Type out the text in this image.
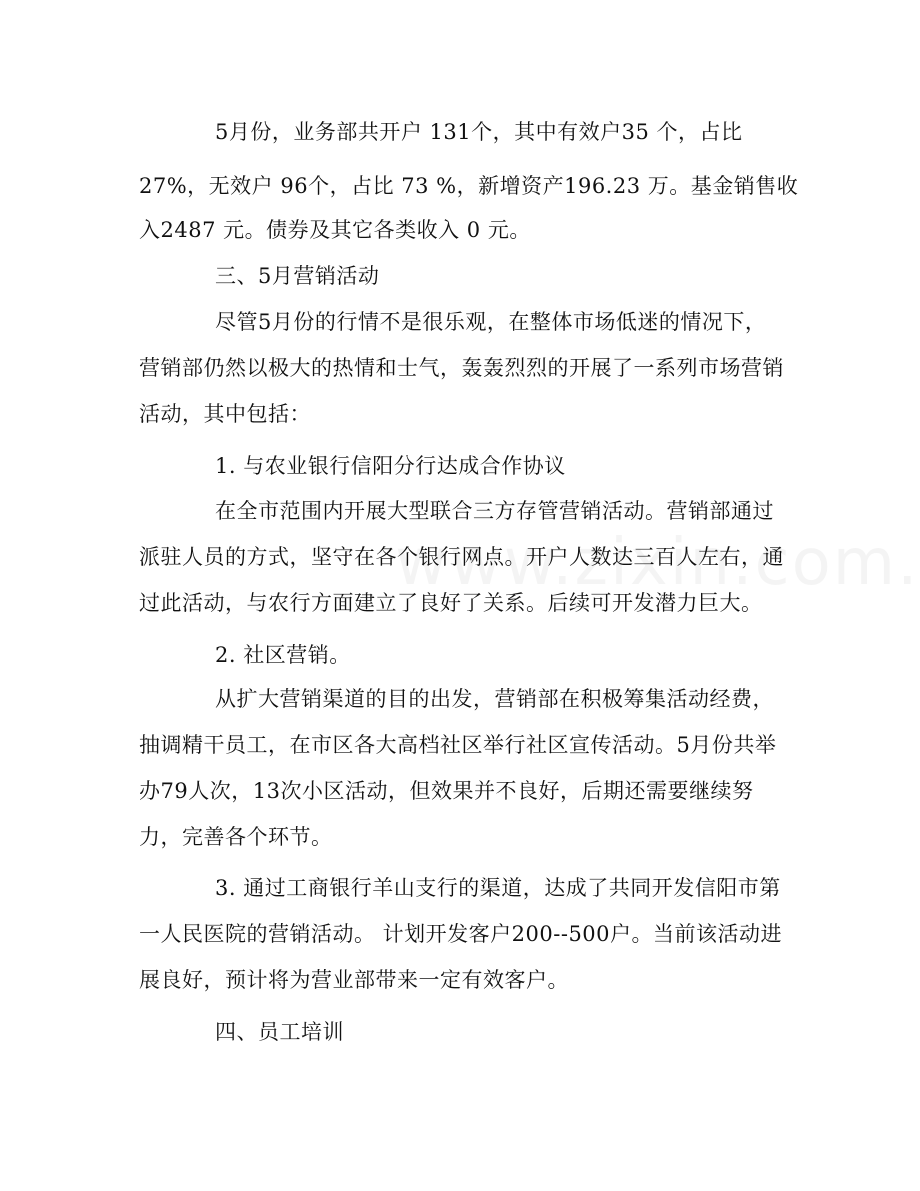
5月份，业务部共开户 131个，其中有效户35 个，占比
27%，无效户 96个，占比 73 %，新增资产196.23 万。基金销售收
入2487 元。债券及其它各类收入 0 元。
三、5月营销活动
尽管5月份的行情不是很乐观，在整体市场低迷的情况下，
营销部仍然以极大的热情和士气，轰轰烈烈的开展了一系列市场营销
活动，其中包括：
1. 与农业银行信阳分行达成合作协议
在全市范围内开展大型联合三方存管营销活动。营销部通过
派驻人员的方式，坚守在各个银行网点。开户人数达三百人左右，通
过此活动，与农行方面建立了良好了关系。后续可开发潜力巨大。
2. 社区营销。
从扩大营销渠道的目的出发，营销部在积极筹集活动经费，
抽调精干员工，在市区各大高档社区举行社区宣传活动。5月份共举
办79人次，13次小区活动，但效果并不良好，后期还需要继续努
力，完善各个环节。
3. 通过工商银行羊山支行的渠道，达成了共同开发信阳市第
一人民医院的营销活动。 计划开发客户200--500户。当前该活动进
展良好，预计将为营业部带来一定有效客户。
四、员工培训
